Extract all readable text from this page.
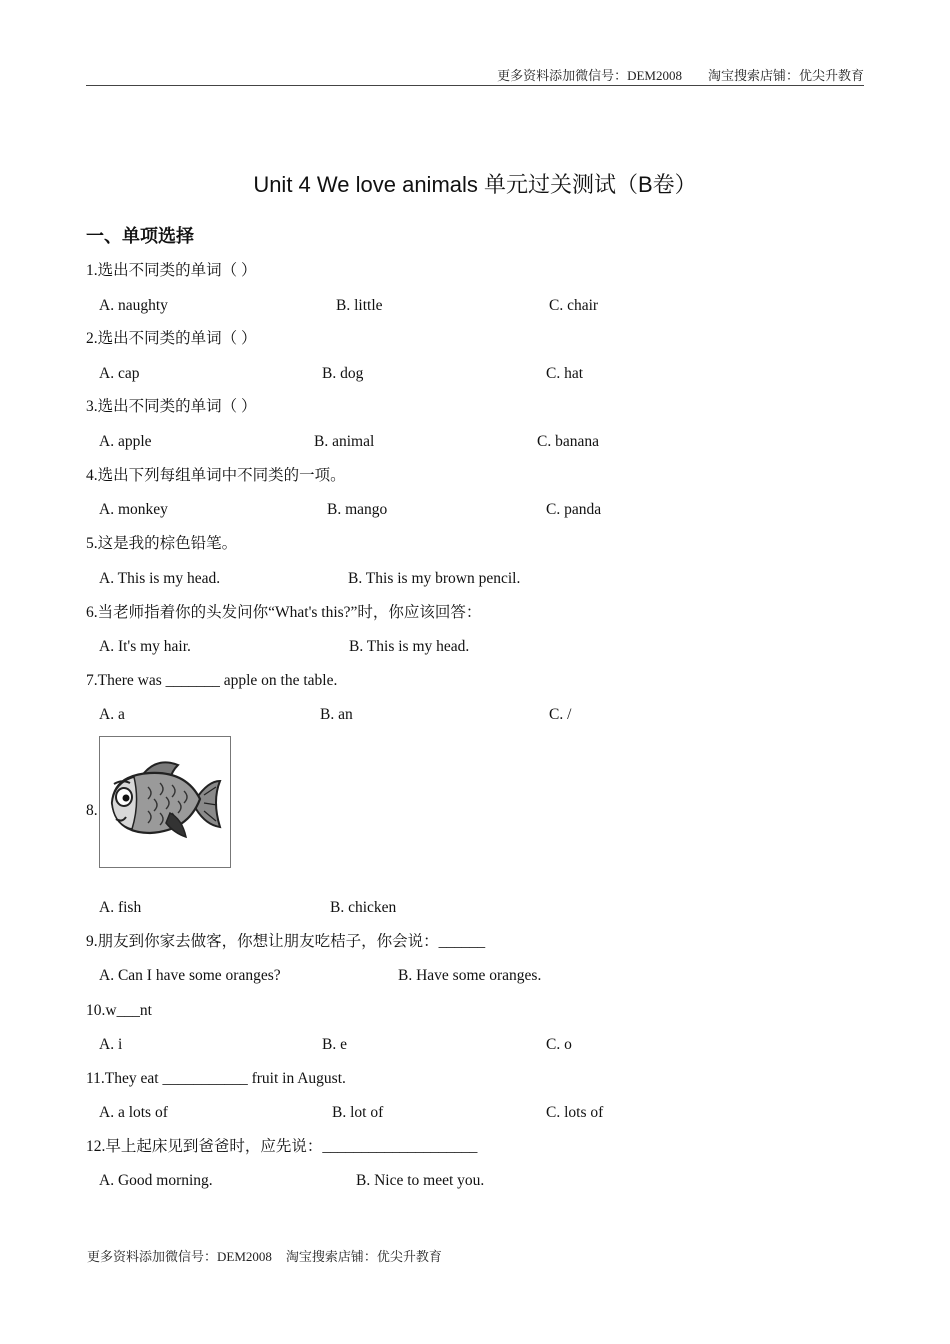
更多资料添加微信号：DEM2008 淘宝搜索店铺：优尖升教育
Unit 4 We love animals 单元过关测试（B卷）
一、单项选择
1.选出不同类的单词（ ）
A. naughty	B. little	C. chair
2.选出不同类的单词（ ）
A. cap	B. dog	C. hat
3.选出不同类的单词（ ）
A. apple	B. animal	C. banana
4.选出下列每组单词中不同类的一项。
A. monkey	B. mango	C. panda
5.这是我的棕色铅笔。
A. This is my head.	B. This is my brown pencil.
6.当老师指着你的头发问你“What's this?”时，你应该回答：
A. It's my hair.	B. This is my head.
7.There was _______ apple on the table.
A. a	B. an	C. /
8.
A. fish	B. chicken
9.朋友到你家去做客，你想让朋友吃桔子，你会说：______
A. Can I have some oranges?	B. Have some oranges.
10.w___nt
A. i	B. e	C. o
11.They eat ___________ fruit in August.
A. a lots of	B. lot of	C. lots of
12.早上起床见到爸爸时，应先说：____________________
A. Good morning.	B. Nice to meet you.
更多资料添加微信号：DEM2008 淘宝搜索店铺：优尖升教育
